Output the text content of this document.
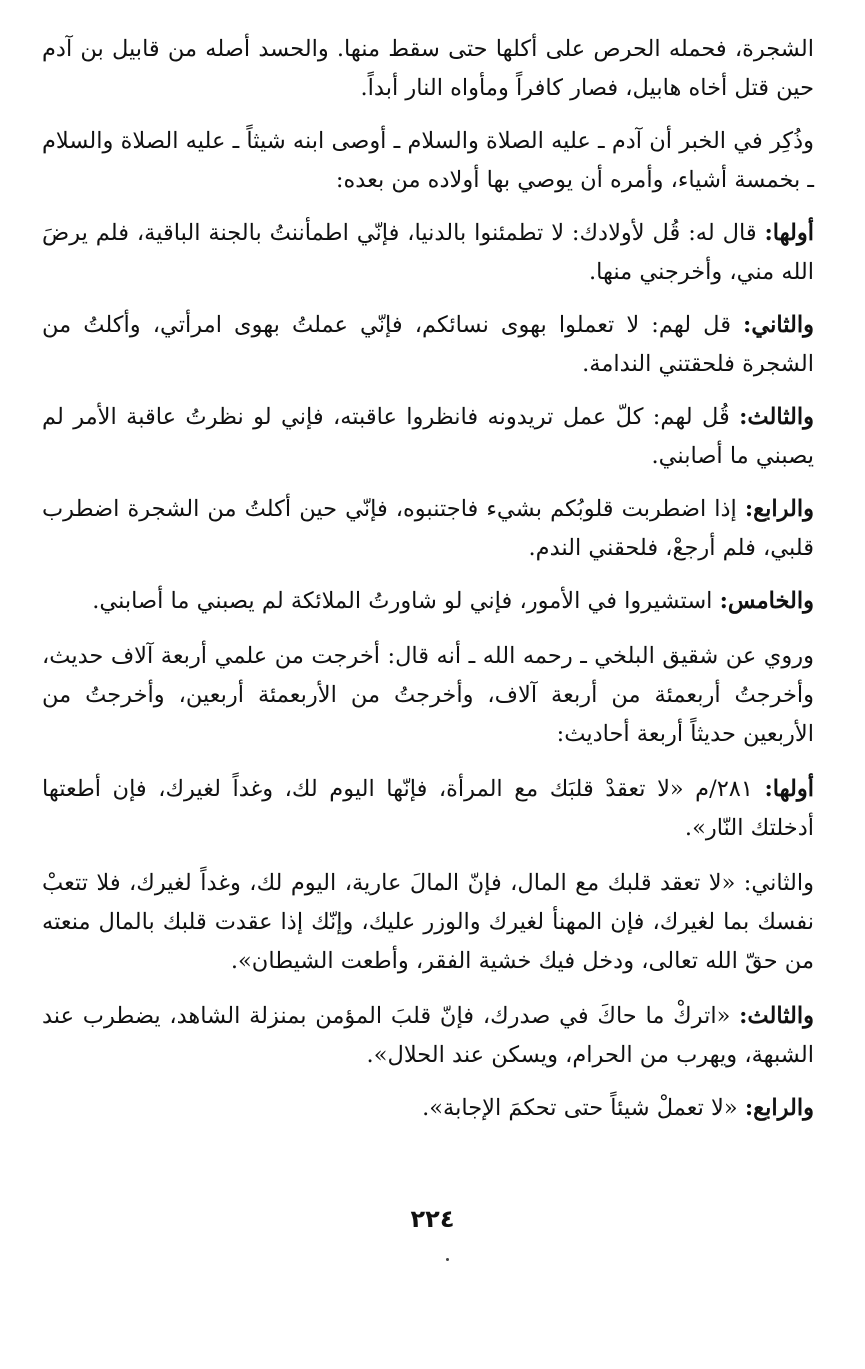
الشجرة، فحمله الحرص على أكلها حتى سقط منها. والحسد أصله من قابيل بن آدم حين قتل أخاه هابيل، فصار كافراً ومأواه النار أبداً.

وذُكِر في الخبر أن آدم ـ عليه الصلاة والسلام ـ أوصى ابنه شيثاً ـ عليه الصلاة والسلام ـ بخمسة أشياء، وأمره أن يوصي بها أولاده من بعده:

أولها: قال له: قُل لأولادك: لا تطمئنوا بالدنيا، فإنّي اطمأننتُ بالجنة الباقية، فلم يرضَ الله مني، وأخرجني منها.

والثاني: قل لهم: لا تعملوا بهوى نسائكم، فإنّي عملتُ بهوى امرأتي، وأكلتُ من الشجرة فلحقتني الندامة.

والثالث: قُل لهم: كلّ عمل تريدونه فانظروا عاقبته، فإني لو نظرتُ عاقبة الأمر لم يصبني ما أصابني.

والرابع: إذا اضطربت قلوبُكم بشيء فاجتنبوه، فإنّي حين أكلتُ من الشجرة اضطرب قلبي، فلم أرجعْ، فلحقني الندم.

والخامس: استشيروا في الأمور، فإني لو شاورتُ الملائكة لم يصبني ما أصابني.

وروي عن شقيق البلخي ـ رحمه الله ـ أنه قال: أخرجت من علمي أربعة آلاف حديث، وأخرجتُ أربعمئة من أربعة آلاف، وأخرجتُ من الأربعمئة أربعين، وأخرجتُ من الأربعين حديثاً أربعة أحاديث:

أولها: ٢٨١/م «لا تعقدْ قلبَك مع المرأة، فإنّها اليوم لك، وغداً لغيرك، فإن أطعتها أدخلتك النّار».

والثاني: «لا تعقد قلبك مع المال، فإنّ المالَ عارية، اليوم لك، وغداً لغيرك، فلا تتعبْ نفسك بما لغيرك، فإن المهنأ لغيرك والوزر عليك، وإنّك إذا عقدت قلبك بالمال منعته من حقّ الله تعالى، ودخل فيك خشية الفقر، وأطعت الشيطان».

والثالث: «اتركْ ما حاكَ في صدرك، فإنّ قلبَ المؤمن بمنزلة الشاهد، يضطرب عند الشبهة، ويهرب من الحرام، ويسكن عند الحلال».

والرابع: «لا تعملْ شيئاً حتى تحكمَ الإجابة».

٢٢٤
